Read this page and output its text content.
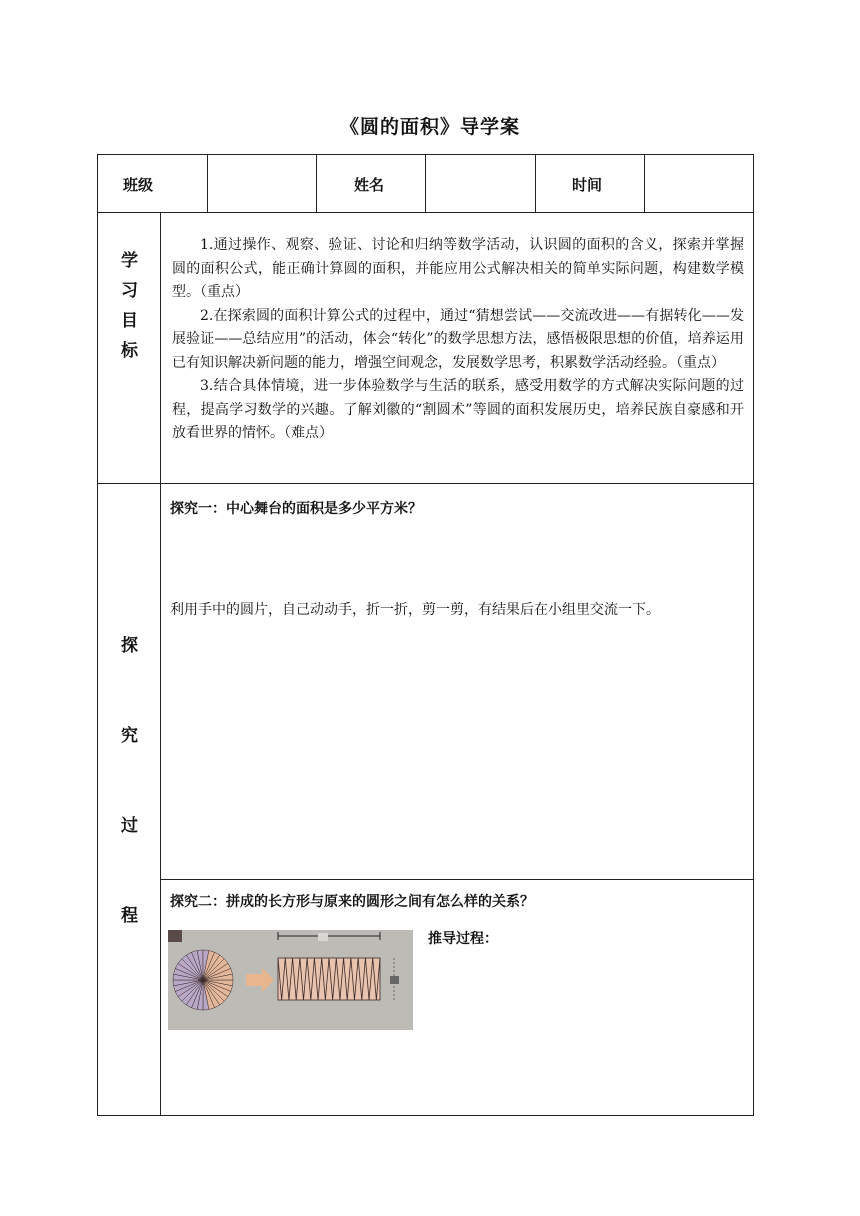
《圆的面积》导学案
班级	姓名	时间
学
习
目
标

1.通过操作、观察、验证、讨论和归纳等数学活动，认识圆的面积的含义，探索并掌握圆的面积公式，能正确计算圆的面积，并能应用公式解决相关的简单实际问题，构建数学模型。（重点）

2.在探索圆的面积计算公式的过程中，通过“猜想尝试——交流改进——有据转化——发展验证——总结应用”的活动，体会“转化”的数学思想方法，感悟极限思想的价值，培养运用已有知识解决新问题的能力，增强空间观念，发展数学思考，积累数学活动经验。（重点）

3.结合具体情境，进一步体验数学与生活的联系，感受用数学的方式解决实际问题的过程，提高学习数学的兴趣。了解刘徽的“割圆术”等圆的面积发展历史，培养民族自豪感和开放看世界的情怀。（难点）

探
究
过
程
探究一：中心舞台的面积是多少平方米？
利用手中的圆片，自己动动手，折一折，剪一剪，有结果后在小组里交流一下。
探究二：拼成的长方形与原来的圆形之间有怎么样的关系？
推导过程：
